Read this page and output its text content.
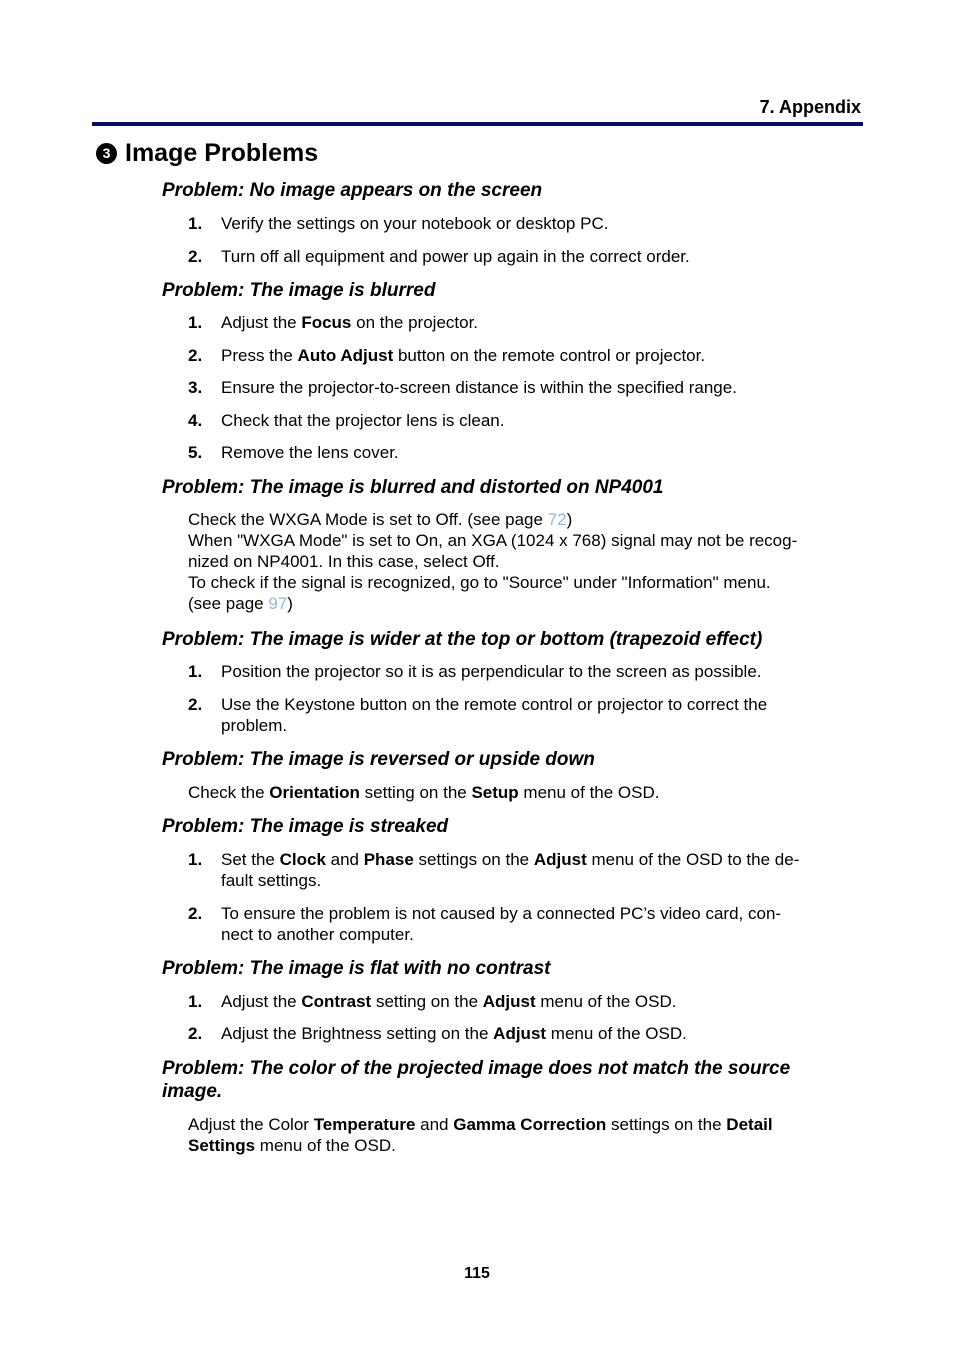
7. Appendix
3 Image Problems
Problem: No image appears on the screen
1. Verify the settings on your notebook or desktop PC.
2. Turn off all equipment and power up again in the correct order.
Problem: The image is blurred
1. Adjust the Focus on the projector.
2. Press the Auto Adjust button on the remote control or projector.
3. Ensure the projector-to-screen distance is within the specified range.
4. Check that the projector lens is clean.
5. Remove the lens cover.
Problem: The image is blurred and distorted on NP4001
Check the WXGA Mode is set to Off. (see page 72)
When "WXGA Mode" is set to On, an XGA (1024 x 768) signal may not be recog-
nized on NP4001. In this case, select Off.
To check if the signal is recognized, go to "Source" under "Information" menu.
(see page 97)
Problem: The image is wider at the top or bottom (trapezoid effect)
1. Position the projector so it is as perpendicular to the screen as possible.
2. Use the Keystone button on the remote control or projector to correct the
problem.
Problem: The image is reversed or upside down
Check the Orientation setting on the Setup menu of the OSD.
Problem: The image is streaked
1. Set the Clock and Phase settings on the Adjust menu of the OSD to the de-
fault settings.
2. To ensure the problem is not caused by a connected PC’s video card, con-
nect to another computer.
Problem: The image is flat with no contrast
1. Adjust the Contrast setting on the Adjust menu of the OSD.
2. Adjust the Brightness setting on the Adjust menu of the OSD.
Problem: The color of the projected image does not match the source
image.
Adjust the Color Temperature and Gamma Correction settings on the Detail
Settings menu of the OSD.
115
